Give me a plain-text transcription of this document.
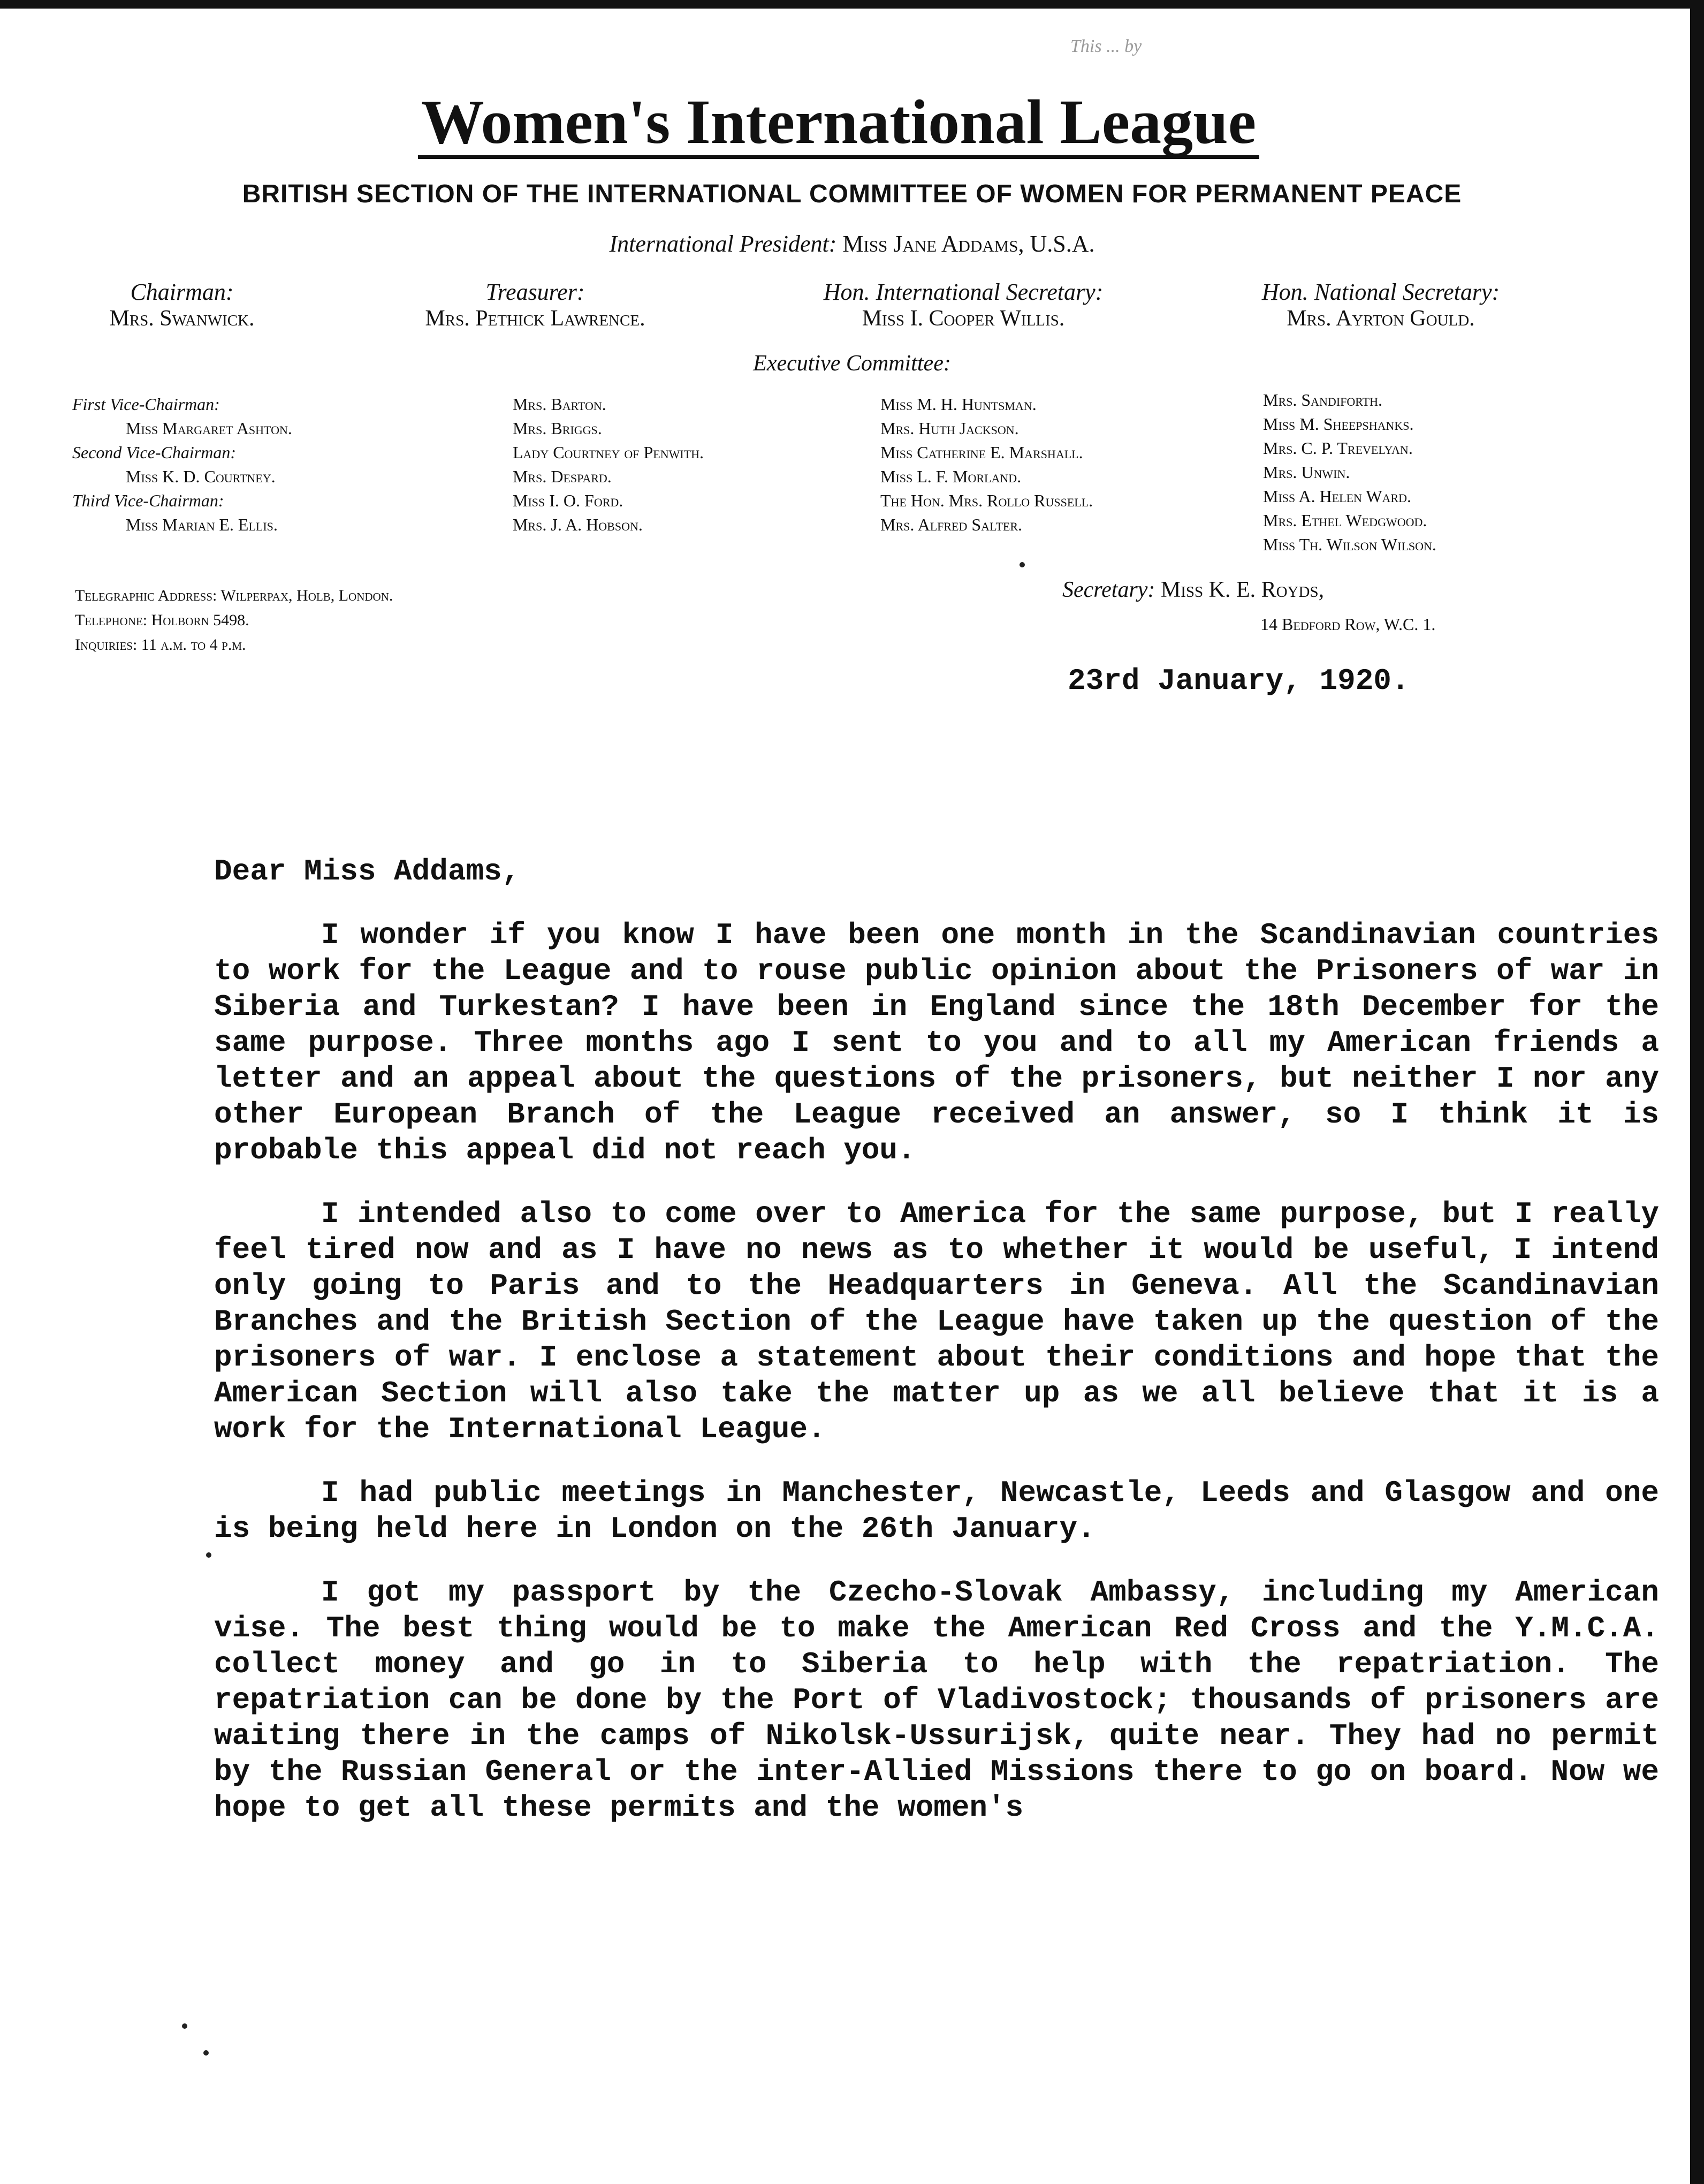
This ... by
Women's International League
BRITISH SECTION OF THE INTERNATIONAL COMMITTEE OF WOMEN FOR PERMANENT PEACE
International President: Miss Jane Addams, U.S.A.
Chairman:
Mrs. Swanwick.
Treasurer:
Mrs. Pethick Lawrence.
Hon. International Secretary:
Miss I. Cooper Willis.
Hon. National Secretary:
Mrs. Ayrton Gould.
Executive Committee:
First Vice-Chairman:
Miss Margaret Ashton.
Second Vice-Chairman:
Miss K. D. Courtney.
Third Vice-Chairman:
Miss Marian E. Ellis.
Mrs. Barton.
Mrs. Briggs.
Lady Courtney of Penwith.
Mrs. Despard.
Miss I. O. Ford.
Mrs. J. A. Hobson.
Miss M. H. Huntsman.
Mrs. Huth Jackson.
Miss Catherine E. Marshall.
Miss L. F. Morland.
The Hon. Mrs. Rollo Russell.
Mrs. Alfred Salter.
Mrs. Sandiforth.
Miss M. Sheepshanks.
Mrs. C. P. Trevelyan.
Mrs. Unwin.
Miss A. Helen Ward.
Mrs. Ethel Wedgwood.
Miss Th. Wilson Wilson.
Telegraphic Address: Wilperpax, Holb, London.
Telephone: Holborn 5498.
Inquiries: 11 a.m. to 4 p.m.
Secretary: Miss K. E. Royds,
14 Bedford Row, W.C. 1.
23rd January, 1920.
Dear Miss Addams,

I wonder if you know I have been one month in the Scandinavian countries to work for the League and to rouse public opinion about the Prisoners of war in Siberia and Turkestan? I have been in England since the 18th December for the same purpose. Three months ago I sent to you and to all my American friends a letter and an appeal about the questions of the prisoners, but neither I nor any other European Branch of the League received an answer, so I think it is probable this appeal did not reach you.

I intended also to come over to America for the same purpose, but I really feel tired now and as I have no news as to whether it would be useful, I intend only going to Paris and to the Headquarters in Geneva. All the Scandinavian Branches and the British Section of the League have taken up the question of the prisoners of war. I enclose a statement about their conditions and hope that the American Section will also take the matter up as we all believe that it is a work for the International League.

I had public meetings in Manchester, Newcastle, Leeds and Glasgow and one is being held here in London on the 26th January.

I got my passport by the Czecho-Slovak Ambassy, including my American vise. The best thing would be to make the American Red Cross and the Y.M.C.A. collect money and go in to Siberia to help with the repatriation. The repatriation can be done by the Port of Vladivostock; thousands of prisoners are waiting there in the camps of Nikolsk-Ussurijsk, quite near. They had no permit by the Russian General or the inter-Allied Missions there to go on board. Now we hope to get all these permits and the women's
